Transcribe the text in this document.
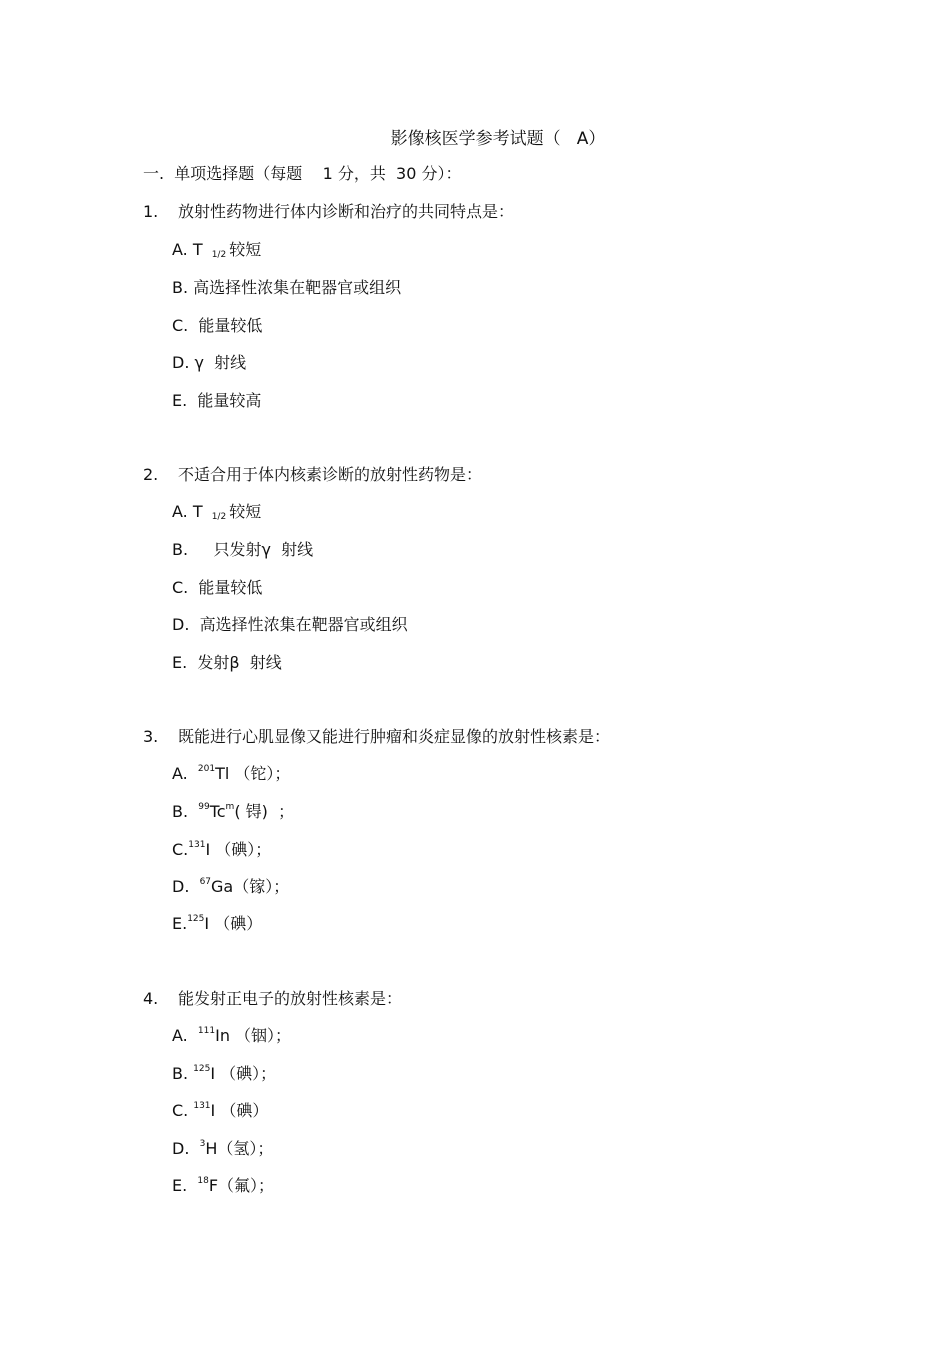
影像核医学参考试题（   A）
一.  单项选择题（每题    1 分，共  30 分）：
1. 放射性药物进行体内诊断和治疗的共同特点是：
A. T $_{1/2}$ 较短
B. 高选择性浓集在靶器官或组织
C.  能量较低
D. γ  射线
E.  能量较高
2. 不适合用于体内核素诊断的放射性药物是：
A. T $_{1/2}$ 较短
B.     只发射γ  射线
C.  能量较低
D.  高选择性浓集在靶器官或组织
E.  发射β  射线
3. 既能进行心肌显像又能进行肿瘤和炎症显像的放射性核素是：
A.  $^{201}$Tl （铊）；
B.  $^{99}$Tc$^m$( 锝)  ；
C.$^{131}$I （碘）；
D.  $^{67}$Ga（镓）；
E.$^{125}$I （碘）
4. 能发射正电子的放射性核素是：
A.  $^{111}$In （铟）；
B. $^{125}$I （碘）；
C. $^{131}$I （碘）
D.  $^3$H（氢）；
E.  $^{18}$F（氟）；
